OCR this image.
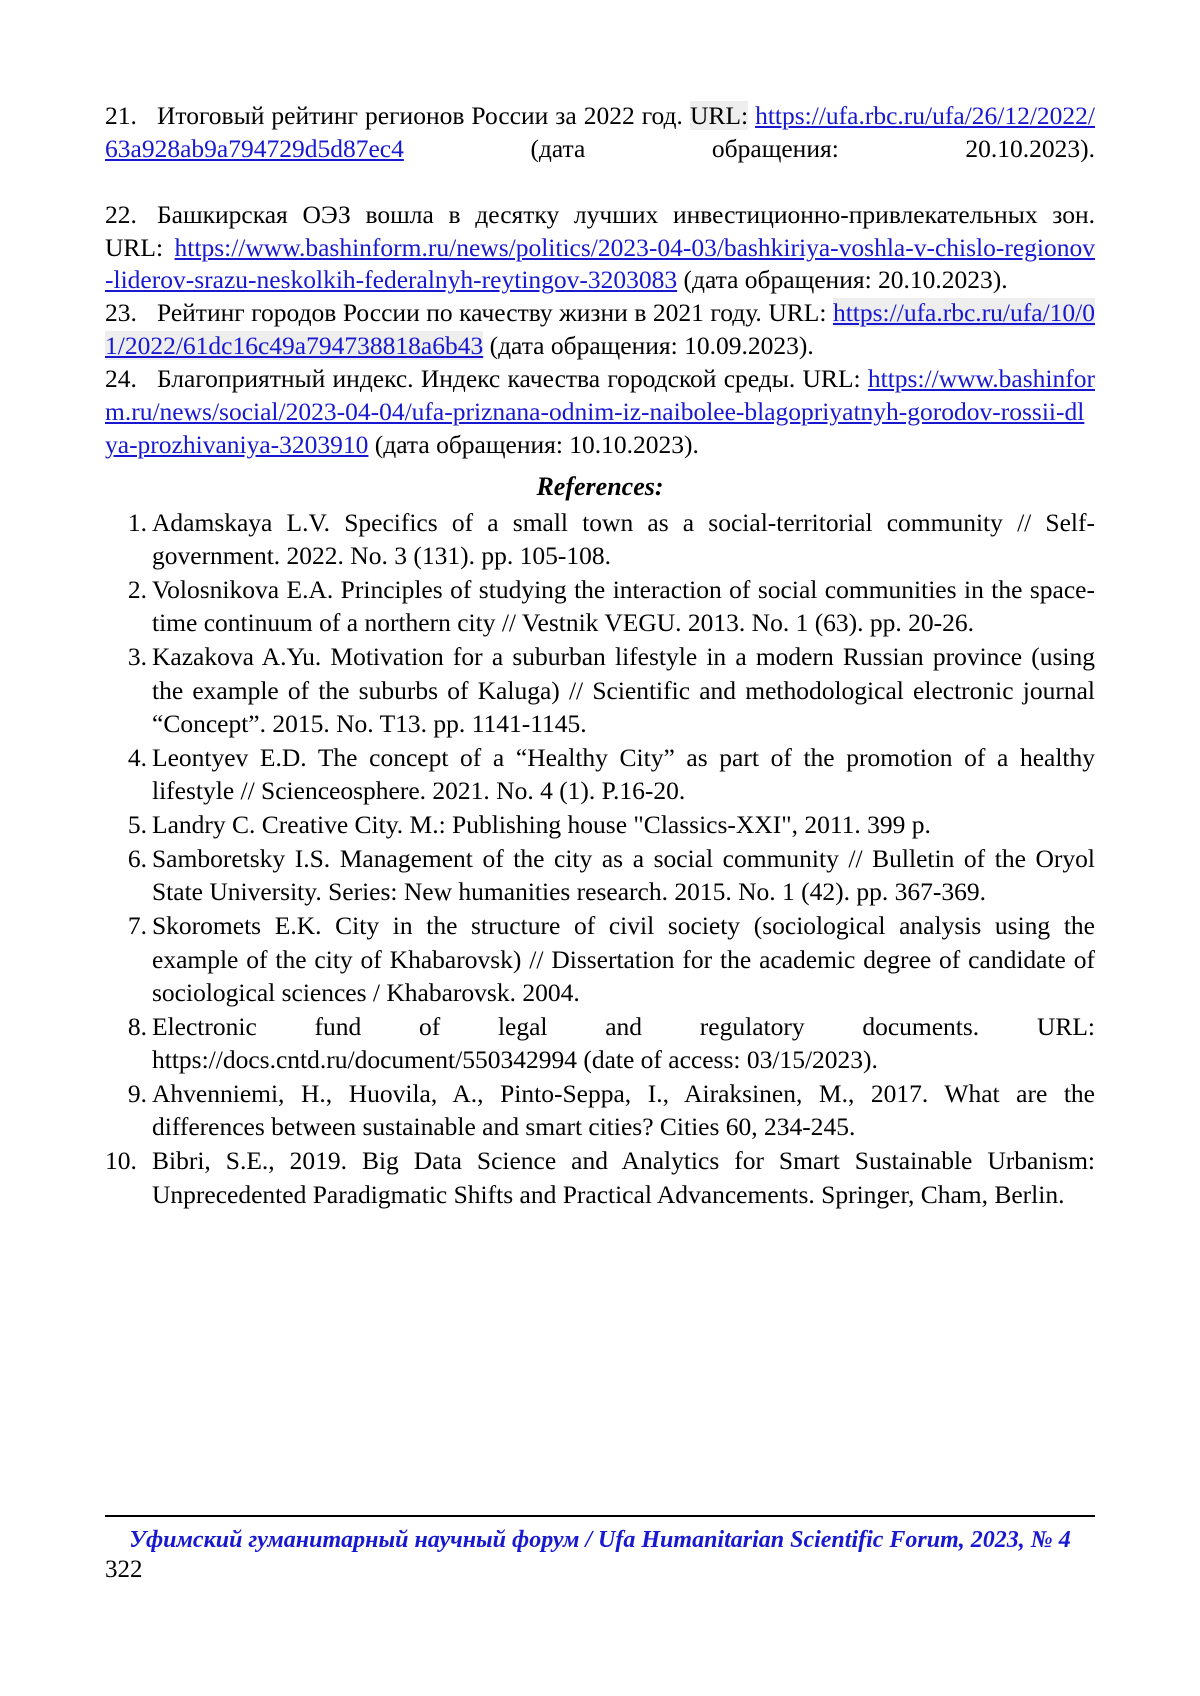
21. Итоговый рейтинг регионов России за 2022 год. URL: https://ufa.rbc.ru/ufa/26/12/2022/63a928ab9a794729d5d87ec4	(дата обращения: 20.10.2023).

22. Башкирская ОЭЗ вошла в десятку лучших инвестиционно-привлекательных зон. URL: https://www.bashinform.ru/news/politics/2023-04-03/bashkiriya-voshla-v-chislo-regionov-liderov-srazu-neskolkih-federalnyh-reytingov-3203083 (дата обращения: 20.10.2023).

23. Рейтинг городов России по качеству жизни в 2021 году. URL: https://ufa.rbc.ru/ufa/10/01/2022/61dc16c49a794738818a6b43 (дата обращения: 10.09.2023).

24. Благоприятный индекс. Индекс качества городской среды. URL: https://www.bashinform.ru/news/social/2023-04-04/ufa-priznana-odnim-iz-naibolee-blagopriyatnyh-gorodov-rossii-dlya-prozhivaniya-3203910 (дата обращения: 10.10.2023).

References:
1. Adamskaya L.V. Specifics of a small town as a social-territorial community // Self-government. 2022. No. 3 (131). pp. 105-108.
2. Volosnikova E.A. Principles of studying the interaction of social communities in the space-time continuum of a northern city // Vestnik VEGU. 2013. No. 1 (63). pp. 20-26.
3. Kazakova A.Yu. Motivation for a suburban lifestyle in a modern Russian province (using the example of the suburbs of Kaluga) // Scientific and methodological electronic journal “Concept”. 2015. No. T13. pp. 1141-1145.
4. Leontyev E.D. The concept of a “Healthy City” as part of the promotion of a healthy lifestyle // Scienceosphere. 2021. No. 4 (1). P.16-20.
5. Landry C. Creative City. M.: Publishing house "Classics-XXI", 2011. 399 p.
6. Samboretsky I.S. Management of the city as a social community // Bulletin of the Oryol State University. Series: New humanities research. 2015. No. 1 (42). pp. 367-369.
7. Skoromets E.K. City in the structure of civil society (sociological analysis using the example of the city of Khabarovsk) // Dissertation for the academic degree of candidate of sociological sciences / Khabarovsk. 2004.
8. Electronic fund of legal and regulatory documents. URL: https://docs.cntd.ru/document/550342994 (date of access: 03/15/2023).
9. Ahvenniemi, H., Huovila, A., Pinto-Seppa, I., Airaksinen, M., 2017. What are the differences between sustainable and smart cities? Cities 60, 234-245.
10. Bibri, S.E., 2019. Big Data Science and Analytics for Smart Sustainable Urbanism: Unprecedented Paradigmatic Shifts and Practical Advancements. Springer, Cham, Berlin.
Уфимский гуманитарный научный форум / Ufa Humanitarian Scientific Forum, 2023, № 4
322
